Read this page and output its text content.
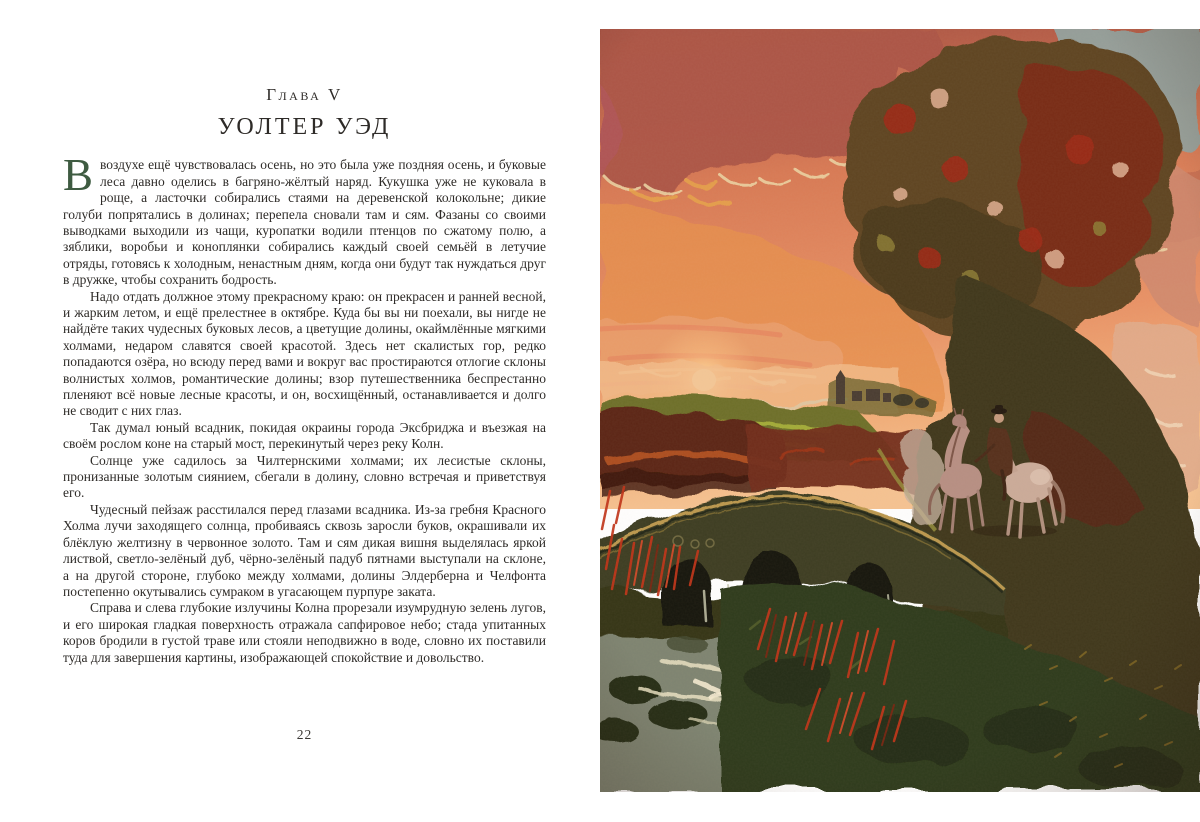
Глава V
УОЛТЕР УЭД

Ввоздухе ещё чувствовалась осень, но это была уже поздняя осень, и буковые леса давно оделись в багряно-жёлтый наряд. Кукушка уже не куковала в роще, а ласточки собирались стаями на деревенской колокольне; дикие голуби попрятались в долинах; перепела сновали там и сям. Фазаны со своими выводками выходили из чащи, куропатки водили птенцов по сжатому полю, а зяблики, воробьи и коноплянки собирались каждый своей семьёй в летучие отряды, готовясь к холодным, ненастным дням, когда они будут так нуждаться друг в дружке, чтобы сохранить бодрость.

Надо отдать должное этому прекрасному краю: он прекрасен и ранней весной, и жарким летом, и ещё прелестнее в октябре. Куда бы вы ни поехали, вы нигде не найдёте таких чудесных буковых лесов, а цветущие долины, окаймлённые мягкими холмами, недаром славятся своей красотой. Здесь нет скалистых гор, редко попадаются озёра, но всюду перед вами и вокруг вас простираются отлогие склоны волнистых холмов, романтические долины; взор путешественника беспрестанно пленяют всё новые лесные красоты, и он, восхищённый, останавливается и долго не сводит с них глаз.

Так думал юный всадник, покидая окраины города Эксбриджа и въезжая на своём рослом коне на старый мост, перекинутый через реку Колн.

Солнце уже садилось за Чилтернскими холмами; их лесистые склоны, пронизанные золотым сиянием, сбегали в долину, словно встречая и приветствуя его.

Чудесный пейзаж расстилался перед глазами всадника. Из-за гребня Красного Холма лучи заходящего солнца, пробиваясь сквозь заросли буков, окрашивали их блёклую желтизну в червонное золото. Там и сям дикая вишня выделялась яркой листвой, светло-зелёный дуб, чёрно-зелёный падуб пятнами выступали на склоне, а на другой стороне, глубоко между холмами, долины Элдерберна и Челфонта постепенно окутывались сумраком в угасающем пурпуре заката.

Справа и слева глубокие излучины Колна прорезали изумрудную зелень лугов, и его широкая гладкая поверхность отражала сапфировое небо; стада упитанных коров бродили в густой траве или стояли неподвижно в воде, словно их поставили туда для завершения картины, изображающей спокойствие и довольство.

22
